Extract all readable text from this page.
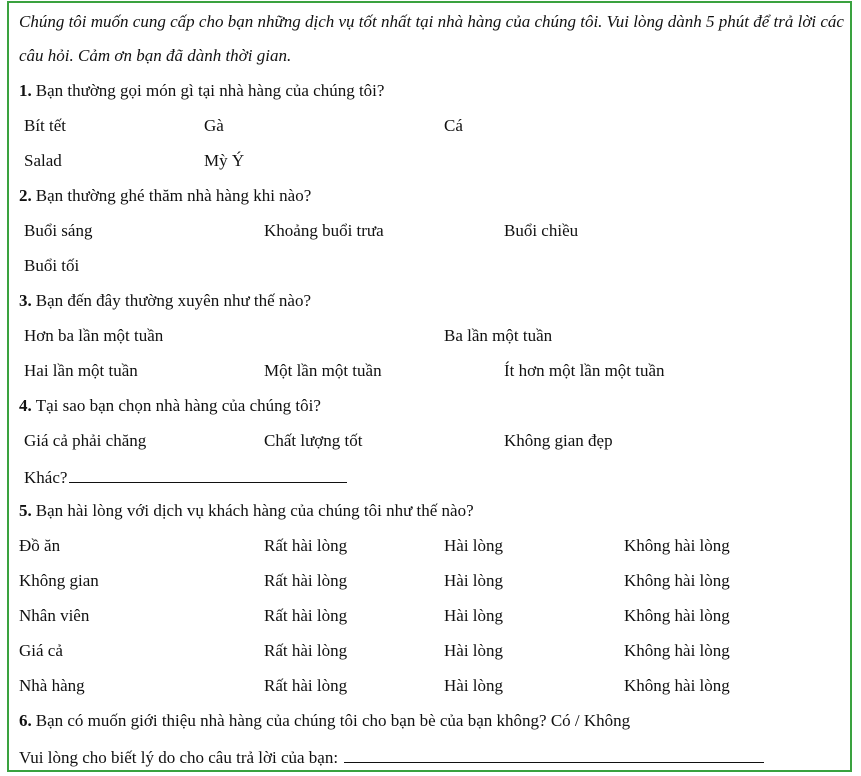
Chúng tôi muốn cung cấp cho bạn những dịch vụ tốt nhất tại nhà hàng của chúng tôi. Vui lòng dành 5 phút để trả lời các câu hỏi. Cảm ơn bạn đã dành thời gian.

1. Bạn thường gọi món gì tại nhà hàng của chúng tôi?
Bít tết	Gà	Cá
Salad	Mỳ Ý
2. Bạn thường ghé thăm nhà hàng khi nào?
Buổi sáng	Khoảng buổi trưa	Buổi chiều
Buổi tối
3. Bạn đến đây thường xuyên như thế nào?
Hơn ba lần một tuần	Ba lần một tuần
Hai lần một tuần	Một lần một tuần	Ít hơn một lần một tuần
4. Tại sao bạn chọn nhà hàng của chúng tôi?
Giá cả phải chăng	Chất lượng tốt	Không gian đẹp
Khác?
5. Bạn hài lòng với dịch vụ khách hàng của chúng tôi như thế nào?
Đồ ăn	Rất hài lòng	Hài lòng	Không hài lòng
Không gian	Rất hài lòng	Hài lòng	Không hài lòng
Nhân viên	Rất hài lòng	Hài lòng	Không hài lòng
Giá cả	Rất hài lòng	Hài lòng	Không hài lòng
Nhà hàng	Rất hài lòng	Hài lòng	Không hài lòng
6. Bạn có muốn giới thiệu nhà hàng của chúng tôi cho bạn bè của bạn không? Có / Không
Vui lòng cho biết lý do cho câu trả lời của bạn:
